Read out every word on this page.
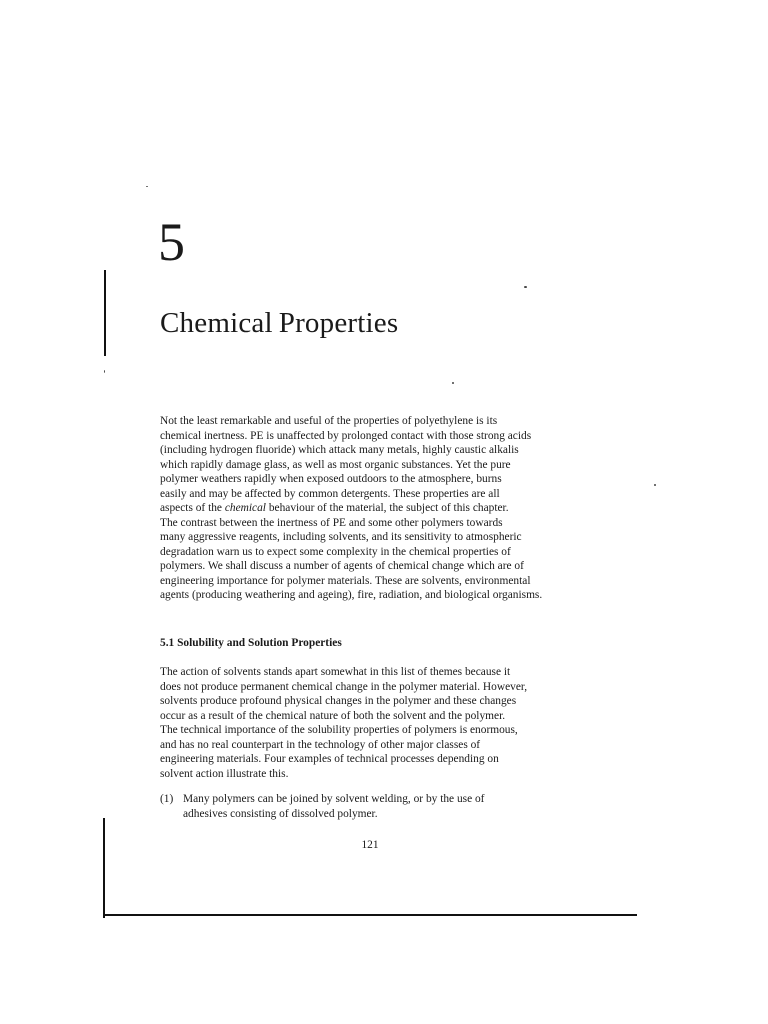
5
Chemical Properties

Not the least remarkable and useful of the properties of polyethylene is its
chemical inertness. PE is unaffected by prolonged contact with those strong acids
(including hydrogen fluoride) which attack many metals, highly caustic alkalis
which rapidly damage glass, as well as most organic substances. Yet the pure
polymer weathers rapidly when exposed outdoors to the atmosphere, burns
easily and may be affected by common detergents. These properties are all
aspects of the chemical behaviour of the material, the subject of this chapter.
The contrast between the inertness of PE and some other polymers towards
many aggressive reagents, including solvents, and its sensitivity to atmospheric
degradation warn us to expect some complexity in the chemical properties of
polymers. We shall discuss a number of agents of chemical change which are of
engineering importance for polymer materials. These are solvents, environmental
agents (producing weathering and ageing), fire, radiation, and biological organisms.

5.1 Solubility and Solution Properties

The action of solvents stands apart somewhat in this list of themes because it
does not produce permanent chemical change in the polymer material. However,
solvents produce profound physical changes in the polymer and these changes
occur as a result of the chemical nature of both the solvent and the polymer.
The technical importance of the solubility properties of polymers is enormous,
and has no real counterpart in the technology of other major classes of
engineering materials. Four examples of technical processes depending on
solvent action illustrate this.

(1) Many polymers can be joined by solvent welding, or by the use of
adhesives consisting of dissolved polymer.

121
